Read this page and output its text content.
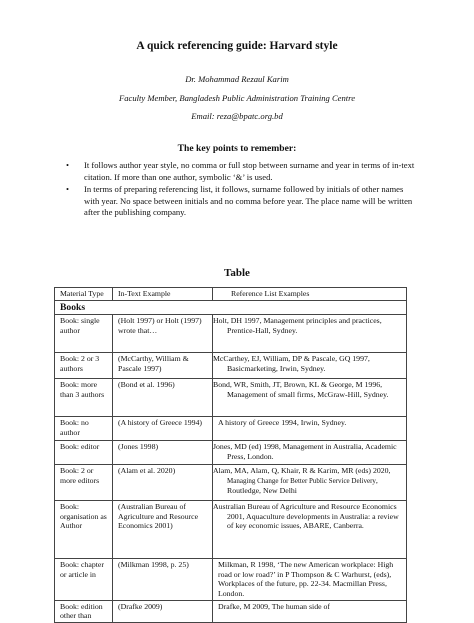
A quick referencing guide: Harvard style
Dr. Mohammad Rezaul Karim
Faculty Member, Bangladesh Public Administration Training Centre
Email: reza@bpatc.org.bd
The key points to remember:
• It follows author year style, no comma or full stop between surname and year in terms of in-text citation. If more than one author, symbolic ‘&’ is used.
• In terms of preparing referencing list, it follows, surname followed by initials of other names with year. No space between initials and no comma before year. The place name will be written after the publishing company.
Table
Material Type	In-Text Example	Reference List Examples
Books		
Book: single author	(Holt 1997) or Holt (1997) wrote that…	Holt, DH 1997, Management principles and practices, Prentice-Hall, Sydney.
Book: 2 or 3 authors	(McCarthy, William & Pascale 1997)	McCarthey, EJ, William, DP & Pascale, GQ 1997, Basicmarketing, Irwin, Sydney.
Book: more than 3 authors	(Bond et al. 1996)	Bond, WR, Smith, JT, Brown, KL & George, M 1996, Management of small firms, McGraw-Hill, Sydney.
Book: no author	(A history of Greece 1994)	A history of Greece 1994, Irwin, Sydney.
Book: editor	(Jones 1998)	Jones, MD (ed) 1998, Management in Australia, Academic Press, London.
Book: 2 or more editors	(Alam et al. 2020)	Alam, MA, Alam, Q, Khair, R & Karim, MR (eds) 2020, Managing Change for Better Public Service Delivery, Routledge, New Delhi
Book: organisation as Author	(Australian Bureau of Agriculture and Resource Economics 2001)	Australian Bureau of Agriculture and Resource Economics 2001, Aquaculture developments in Australia: a review of key economic issues, ABARE, Canberra.
Book: chapter or article in	(Milkman 1998, p. 25)	Milkman, R 1998, ‘The new American workplace: High road or low road?’ in P Thompson & C Warhurst, (eds), Workplaces of the future, pp. 22-34. Macmillan Press, London.
Book: edition other than	(Drafke 2009)	Drafke, M 2009, The human side of
